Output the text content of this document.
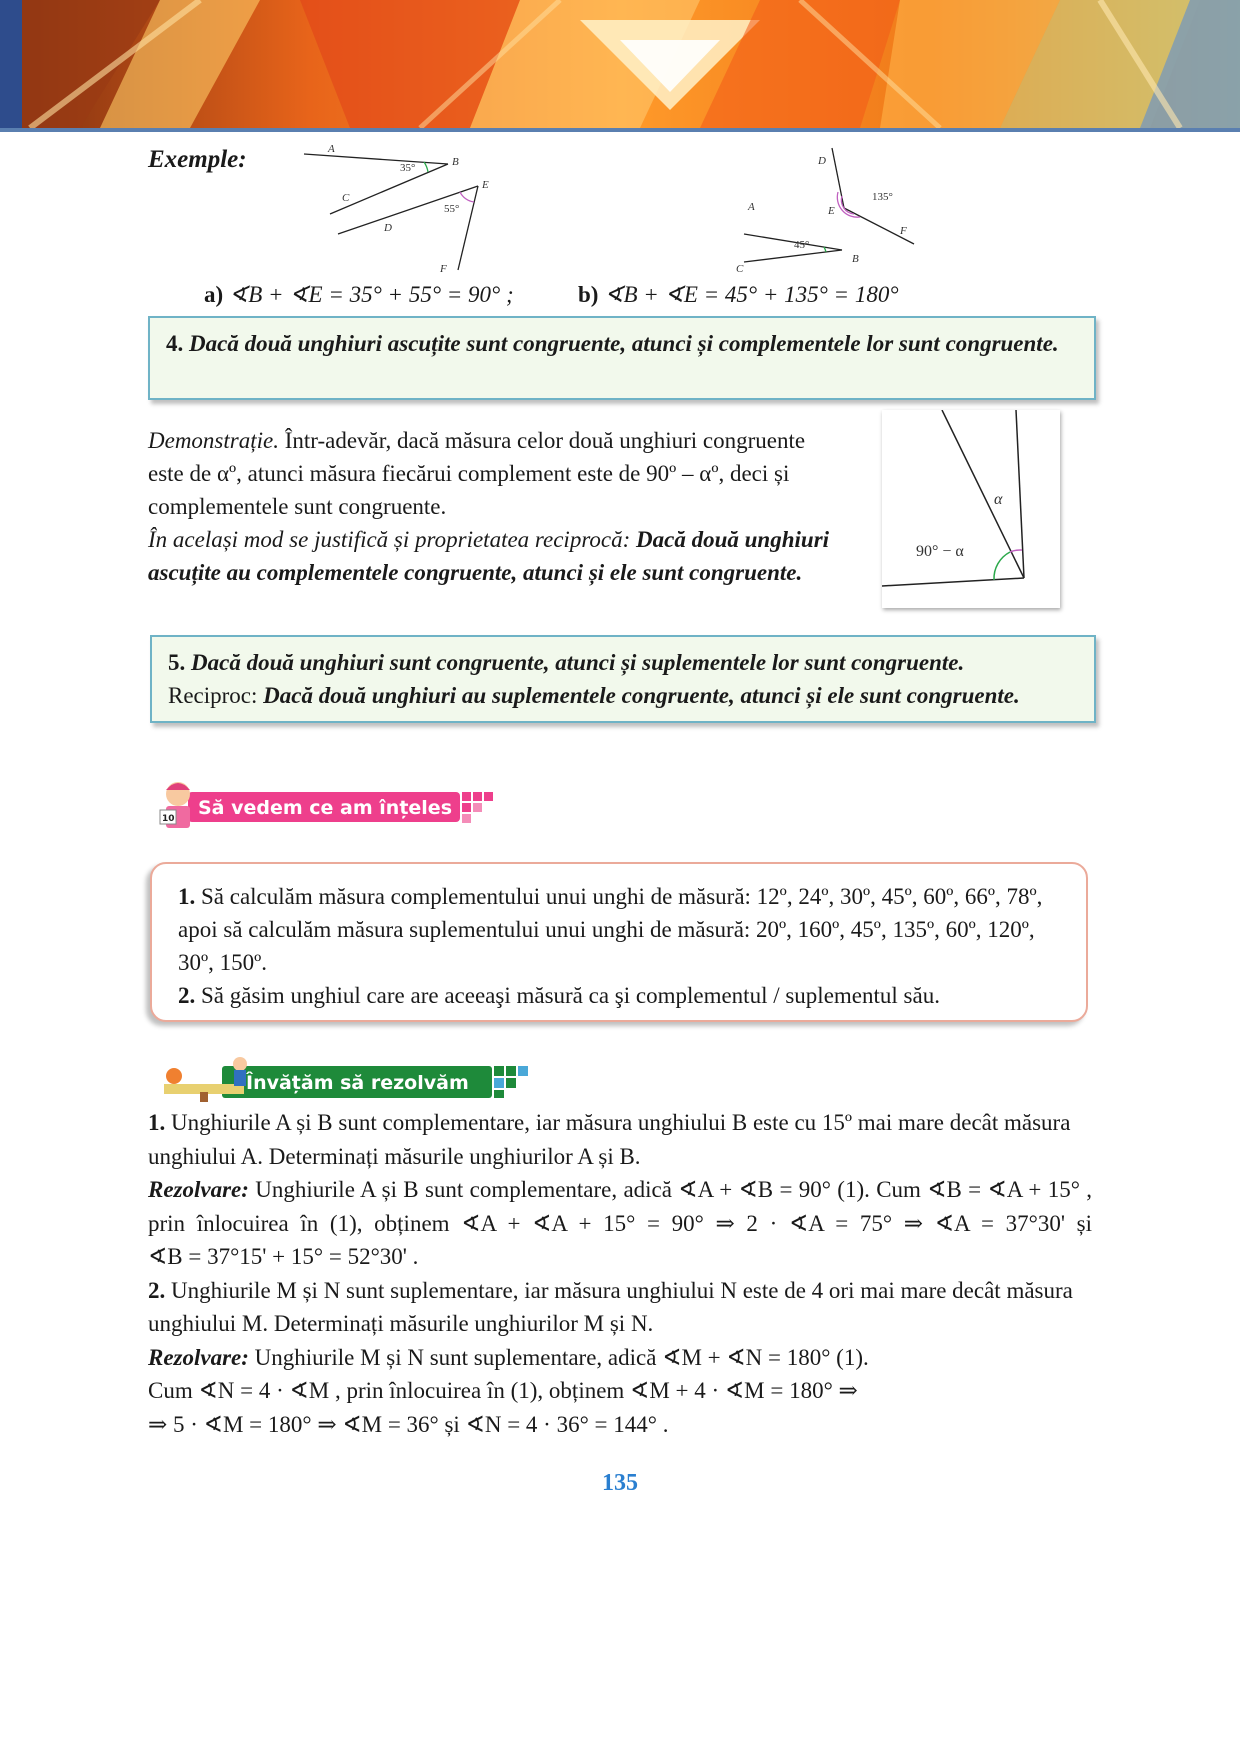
Exemple:	A
B
C
D
E
F
35°
55°
D
E
F
A
B
C
135°
45°
a) ∢B + ∢E = 35° + 55° = 90° ;	b) ∢B + ∢E = 45° + 135° = 180°
4. Dacă două unghiuri ascuțite sunt congruente, atunci și complementele lor sunt congruente.
Demonstrație. Într-adevăr, dacă măsura celor două unghiuri congruente este de αº, atunci măsura fiecărui complement este de 90º – αº, deci și complementele sunt congruente.
În același mod se justifică și proprietatea reciprocă: Dacă două unghiuri ascuțite au complementele congruente, atunci și ele sunt congruente.
α
90° − α
5. Dacă două unghiuri sunt congruente, atunci și suplementele lor sunt congruente.
Reciproc: Dacă două unghiuri au suplementele congruente, atunci și ele sunt congruente.
10 Să vedem ce am înțeles
1. Să calculăm măsura complementului unui unghi de măsură: 12º, 24º, 30º, 45º, 60º, 66º, 78º, apoi să calculăm măsura suplementului unui unghi de măsură: 20º, 160º, 45º, 135º, 60º, 120º, 30º, 150º.
2. Să găsim unghiul care are aceeaşi măsură ca şi complementul / suplementul său.
Învățăm să rezolvăm
1. Unghiurile A și B sunt complementare, iar măsura unghiului B este cu 15º mai mare decât măsura unghiului A. Determinați măsurile unghiurilor A și B.
Rezolvare: Unghiurile A și B sunt complementare, adică ∢A + ∢B = 90° (1). Cum ∢B = ∢A + 15° ,
prin înlocuirea în (1), obținem ∢A + ∢A + 15° = 90° ⇒ 2 · ∢A = 75° ⇒ ∢A = 37°30' și
∢B = 37°15' + 15° = 52°30' .
2. Unghiurile M și N sunt suplementare, iar măsura unghiului N este de 4 ori mai mare decât măsura unghiului M. Determinați măsurile unghiurilor M și N.
Rezolvare: Unghiurile M și N sunt suplementare, adică ∢M + ∢N = 180° (1).
Cum ∢N = 4 · ∢M , prin înlocuirea în (1), obținem ∢M + 4 · ∢M = 180° ⇒
⇒ 5 · ∢M = 180° ⇒ ∢M = 36° și ∢N = 4 · 36° = 144° .
135
